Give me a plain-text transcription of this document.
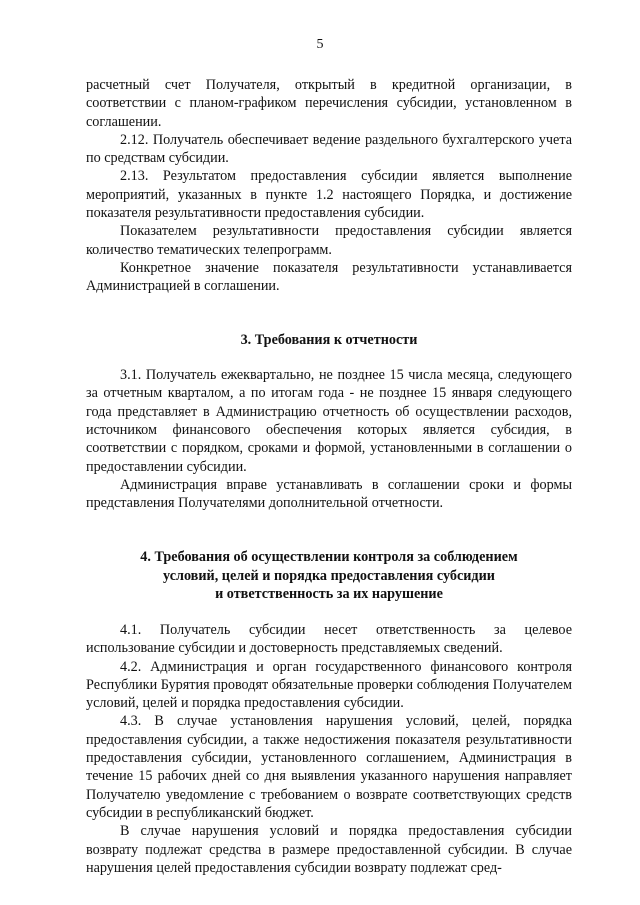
5

расчетный счет Получателя, открытый в кредитной организации, в соответствии с планом-графиком перечисления субсидии, установленном в соглашении.

2.12. Получатель обеспечивает ведение раздельного бухгалтерского учета по средствам субсидии.

2.13. Результатом предоставления субсидии является выполнение мероприятий, указанных в пункте 1.2 настоящего Порядка, и достижение показателя результативности предоставления субсидии.

Показателем результативности предоставления субсидии является количество тематических телепрограмм.

Конкретное значение показателя результативности устанавливается Администрацией в соглашении.

3. Требования к отчетности

3.1. Получатель ежеквартально, не позднее 15 числа месяца, следующего за отчетным кварталом, а по итогам года - не позднее 15 января следующего года представляет в Администрацию отчетность об осуществлении расходов, источником финансового обеспечения которых является субсидия, в соответствии с порядком, сроками и формой, установленными в соглашении о предоставлении субсидии.

Администрация вправе устанавливать в соглашении сроки и формы представления Получателями дополнительной отчетности.

4. Требования об осуществлении контроля за соблюдением
условий, целей и порядка предоставления субсидии
и ответственность за их нарушение

4.1. Получатель субсидии несет ответственность за целевое использование субсидии и достоверность представляемых сведений.

4.2. Администрация и орган государственного финансового контроля Республики Бурятия проводят обязательные проверки соблюдения Получателем условий, целей и порядка предоставления субсидии.

4.3. В случае установления нарушения условий, целей, порядка предоставления субсидии, а также недостижения показателя результативности предоставления субсидии, установленного соглашением, Администрация в течение 15 рабочих дней со дня выявления указанного нарушения направляет Получателю уведомление с требованием о возврате соответствующих средств субсидии в республиканский бюджет.

В случае нарушения условий и порядка предоставления субсидии возврату подлежат средства в размере предоставленной субсидии. В случае нарушения целей предоставления субсидии возврату подлежат сред-
